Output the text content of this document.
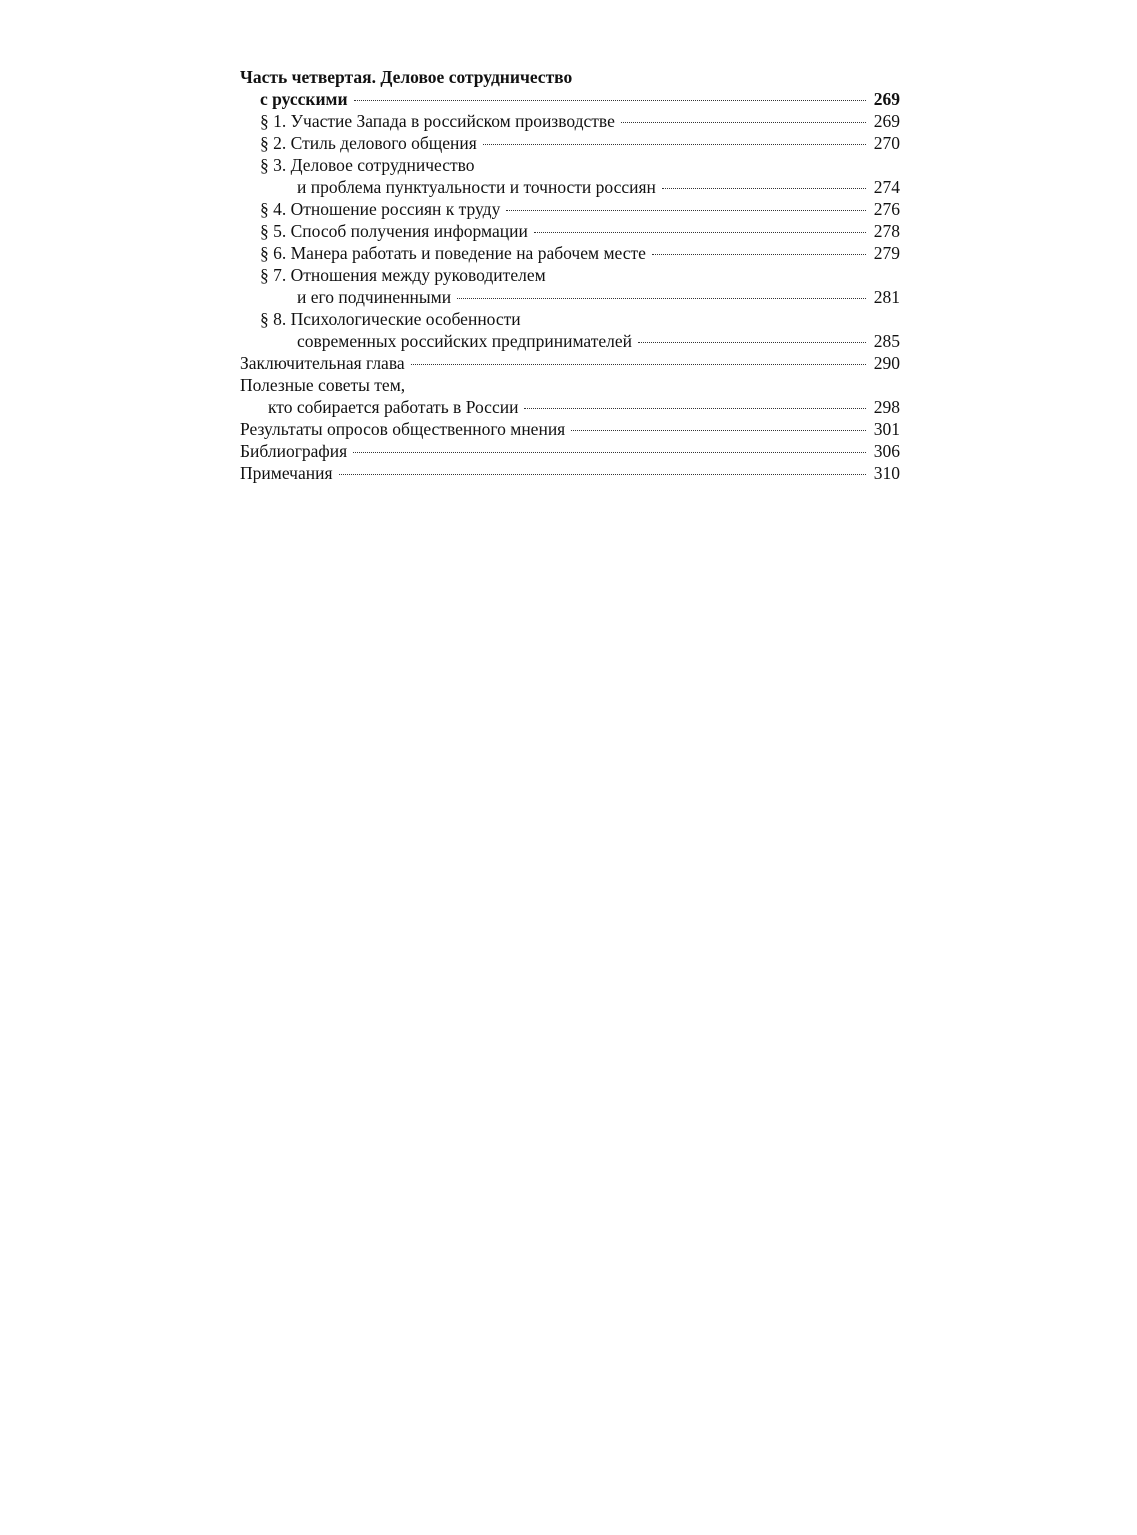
Часть четвертая. Деловое сотрудничество
с русскими	269
§ 1. Участие Запада в российском производстве	269
§ 2. Стиль делового общения	270
§ 3. Деловое сотрудничество
и проблема пунктуальности и точности россиян	274
§ 4. Отношение россиян к труду	276
§ 5. Способ получения информации	278
§ 6. Манера работать и поведение на рабочем месте	279
§ 7. Отношения между руководителем
и его подчиненными	281
§ 8. Психологические особенности
современных российских предпринимателей	285
Заключительная глава	290
Полезные советы тем,
кто собирается работать в России	298
Результаты опросов общественного мнения	301
Библиография	306
Примечания	310
